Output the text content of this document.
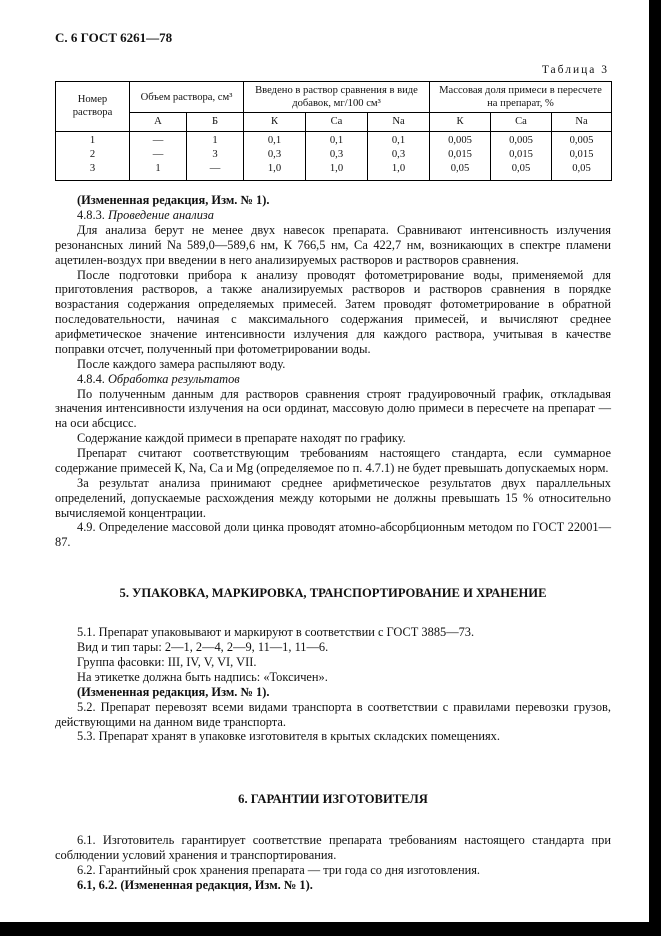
С. 6 ГОСТ 6261—78
Таблица 3
Номер раствора	Объем раствора, см³		Введено в раствор сравнения в виде добавок, мг/100 см³			Массовая доля примеси в пересчете на препарат, %		
	А	Б	К	Са	Na	К	Са	Na
1	—	1	0,1	0,1	0,1	0,005	0,005	0,005
2	—	3	0,3	0,3	0,3	0,015	0,015	0,015
3	1	—	1,0	1,0	1,0	0,05	0,05	0,05

(Измененная редакция, Изм. № 1).

4.8.3. Проведение анализа

Для анализа берут не менее двух навесок препарата. Сравнивают интенсивность излучения резонансных линий Na 589,0—589,6 нм, К 766,5 нм, Са 422,7 нм, возникающих в спектре пламени ацетилен-воздух при введении в него анализируемых растворов и растворов сравнения.

После подготовки прибора к анализу проводят фотометрирование воды, применяемой для приготовления растворов, а также анализируемых растворов и растворов сравнения в порядке возрастания содержания определяемых примесей. Затем проводят фотометрирование в обратной последовательности, начиная с максимального содержания примесей, и вычисляют среднее арифметическое значение интенсивности излучения для каждого раствора, учитывая в качестве поправки отсчет, полученный при фотометрировании воды.

После каждого замера распыляют воду.

4.8.4. Обработка результатов

По полученным данным для растворов сравнения строят градуировочный график, откладывая значения интенсивности излучения на оси ординат, массовую долю примеси в пересчете на препарат — на оси абсцисс.

Содержание каждой примеси в препарате находят по графику.

Препарат считают соответствующим требованиям настоящего стандарта, если суммарное содержание примесей К, Na, Са и Mg (определяемое по п. 4.7.1) не будет превышать допускаемых норм.

За результат анализа принимают среднее арифметическое результатов двух параллельных определений, допускаемые расхождения между которыми не должны превышать 15 % относительно вычисляемой концентрации.

4.9. Определение массовой доли цинка проводят атомно-абсорбционным методом по ГОСТ 22001—87.

5. УПАКОВКА, МАРКИРОВКА, ТРАНСПОРТИРОВАНИЕ И ХРАНЕНИЕ

5.1. Препарат упаковывают и маркируют в соответствии с ГОСТ 3885—73.

Вид и тип тары: 2—1, 2—4, 2—9, 11—1, 11—6.

Группа фасовки: III, IV, V, VI, VII.

На этикетке должна быть надпись: «Токсичен».

(Измененная редакция, Изм. № 1).

5.2. Препарат перевозят всеми видами транспорта в соответствии с правилами перевозки грузов, действующими на данном виде транспорта.

5.3. Препарат хранят в упаковке изготовителя в крытых складских помещениях.

6. ГАРАНТИИ ИЗГОТОВИТЕЛЯ

6.1. Изготовитель гарантирует соответствие препарата требованиям настоящего стандарта при соблюдении условий хранения и транспортирования.

6.2. Гарантийный срок хранения препарата — три года со дня изготовления.

6.1, 6.2. (Измененная редакция, Изм. № 1).
